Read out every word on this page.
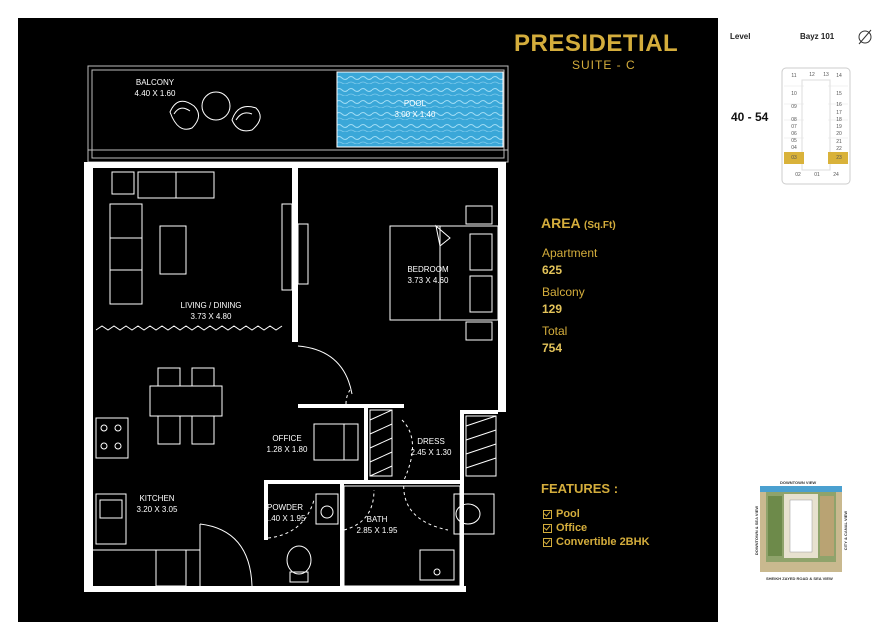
PRESIDETIAL
SUITE - C
BALCONY
4.40 X 1.60
POOL
3.00 X 1.40
BEDROOM
3.73 X 4.60
LIVING / DINING
3.73 X 4.80
OFFICE
1.28 X 1.80
DRESS
2.45 X 1.30
KITCHEN
3.20 X 3.05	POWDER
1.40 X 1.95	BATH
2.85 X 1.95
AREA (Sq.Ft)
Apartment
625
Balcony
129
Total
754
FEATURES :
Pool
Office
Convertible 2BHK
Level	Bayz 101
40 - 54
11
10
09
08
07
06
05
04
03
02
12	13	14
15
16
17
18
19
20
21
22
23
24
01
DOWNTOWN VIEW
SHEIKH ZAYED ROAD & SEA VIEW
DOWNTOWN & SEA VIEW	CITY & CANAL VIEW
